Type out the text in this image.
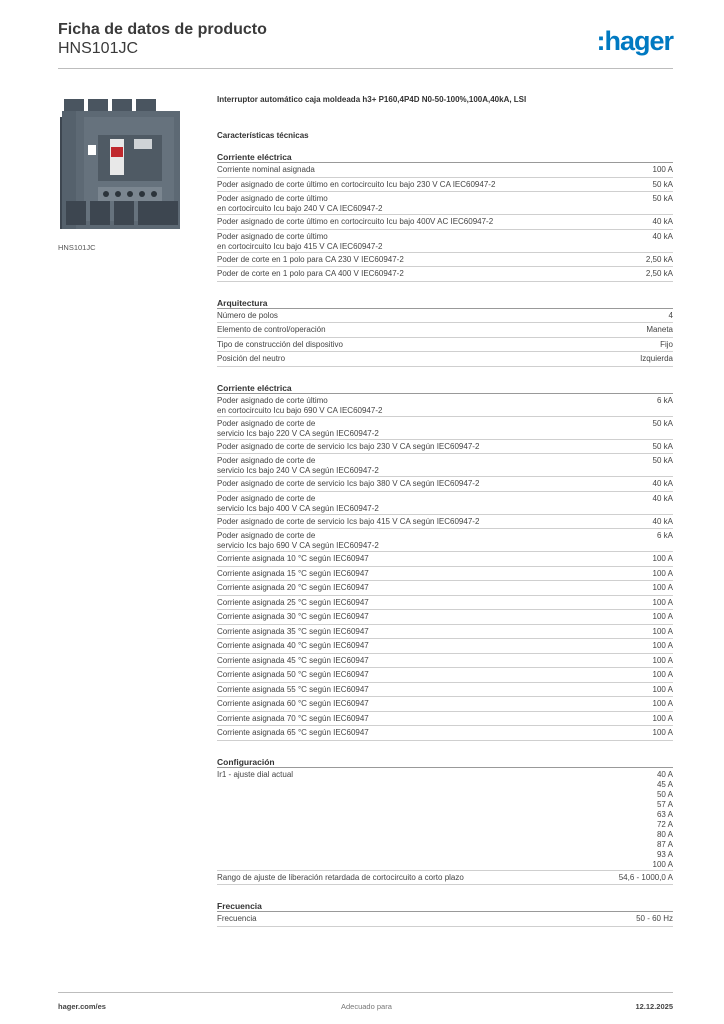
Ficha de datos de producto
HNS101JC	:hager
HNS101JC
Interruptor automático caja moldeada h3+ P160,4P4D N0-50-100%,100A,40kA, LSI
Características técnicas
Corriente eléctrica
Corriente nominal asignada	100 A
Poder asignado de corte último en cortocircuito Icu bajo 230 V CA IEC60947-2	50 kA
Poder asignado de corte último
en cortocircuito Icu bajo 240 V CA IEC60947-2
50 kA
Poder asignado de corte último en cortocircuito Icu bajo 400V AC IEC60947-2	40 kA
Poder asignado de corte último
en cortocircuito Icu bajo 415 V CA IEC60947-2
40 kA
Poder de corte en 1 polo para CA 230 V IEC60947-2	2,50 kA
Poder de corte en 1 polo para CA 400 V IEC60947-2	2,50 kA
Arquitectura
Número de polos	4
Elemento de control/operación	Maneta
Tipo de construcción del dispositivo	Fijo
Posición del neutro	Izquierda
Corriente eléctrica
Poder asignado de corte último
en cortocircuito Icu bajo 690 V CA IEC60947-2
6 kA
Poder asignado de corte de
servicio Ics bajo 220 V CA según IEC60947-2
50 kA
Poder asignado de corte de servicio Ics bajo 230 V CA según IEC60947-2	50 kA
Poder asignado de corte de
servicio Ics bajo 240 V CA según IEC60947-2
50 kA
Poder asignado de corte de servicio Ics bajo 380 V CA según IEC60947-2	40 kA
Poder asignado de corte de
servicio Ics bajo 400 V CA según IEC60947-2
40 kA
Poder asignado de corte de servicio Ics bajo 415 V CA según IEC60947-2	40 kA
Poder asignado de corte de
servicio Ics bajo 690 V CA según IEC60947-2
6 kA
Corriente asignada 10 °C según IEC60947	100 A
Corriente asignada 15 °C según IEC60947	100 A
Corriente asignada 20 °C según IEC60947	100 A
Corriente asignada 25 °C según IEC60947	100 A
Corriente asignada 30 °C según IEC60947	100 A
Corriente asignada 35 °C según IEC60947	100 A
Corriente asignada 40 °C según IEC60947	100 A
Corriente asignada 45 °C según IEC60947	100 A
Corriente asignada 50 °C según IEC60947	100 A
Corriente asignada 55 °C según IEC60947	100 A
Corriente asignada 60 °C según IEC60947	100 A
Corriente asignada 70 °C según IEC60947	100 A
Corriente asignada 65 °C según IEC60947	100 A
Configuración
Ir1 - ajuste dial actual	40 A
45 A
50 A
57 A
63 A
72 A
80 A
87 A
93 A
100 A
Rango de ajuste de liberación retardada de cortocircuito a corto plazo	54,6 - 1000,0 A
Frecuencia
Frecuencia	50 - 60 Hz
hager.com/es	Adecuado para	12.12.2025
